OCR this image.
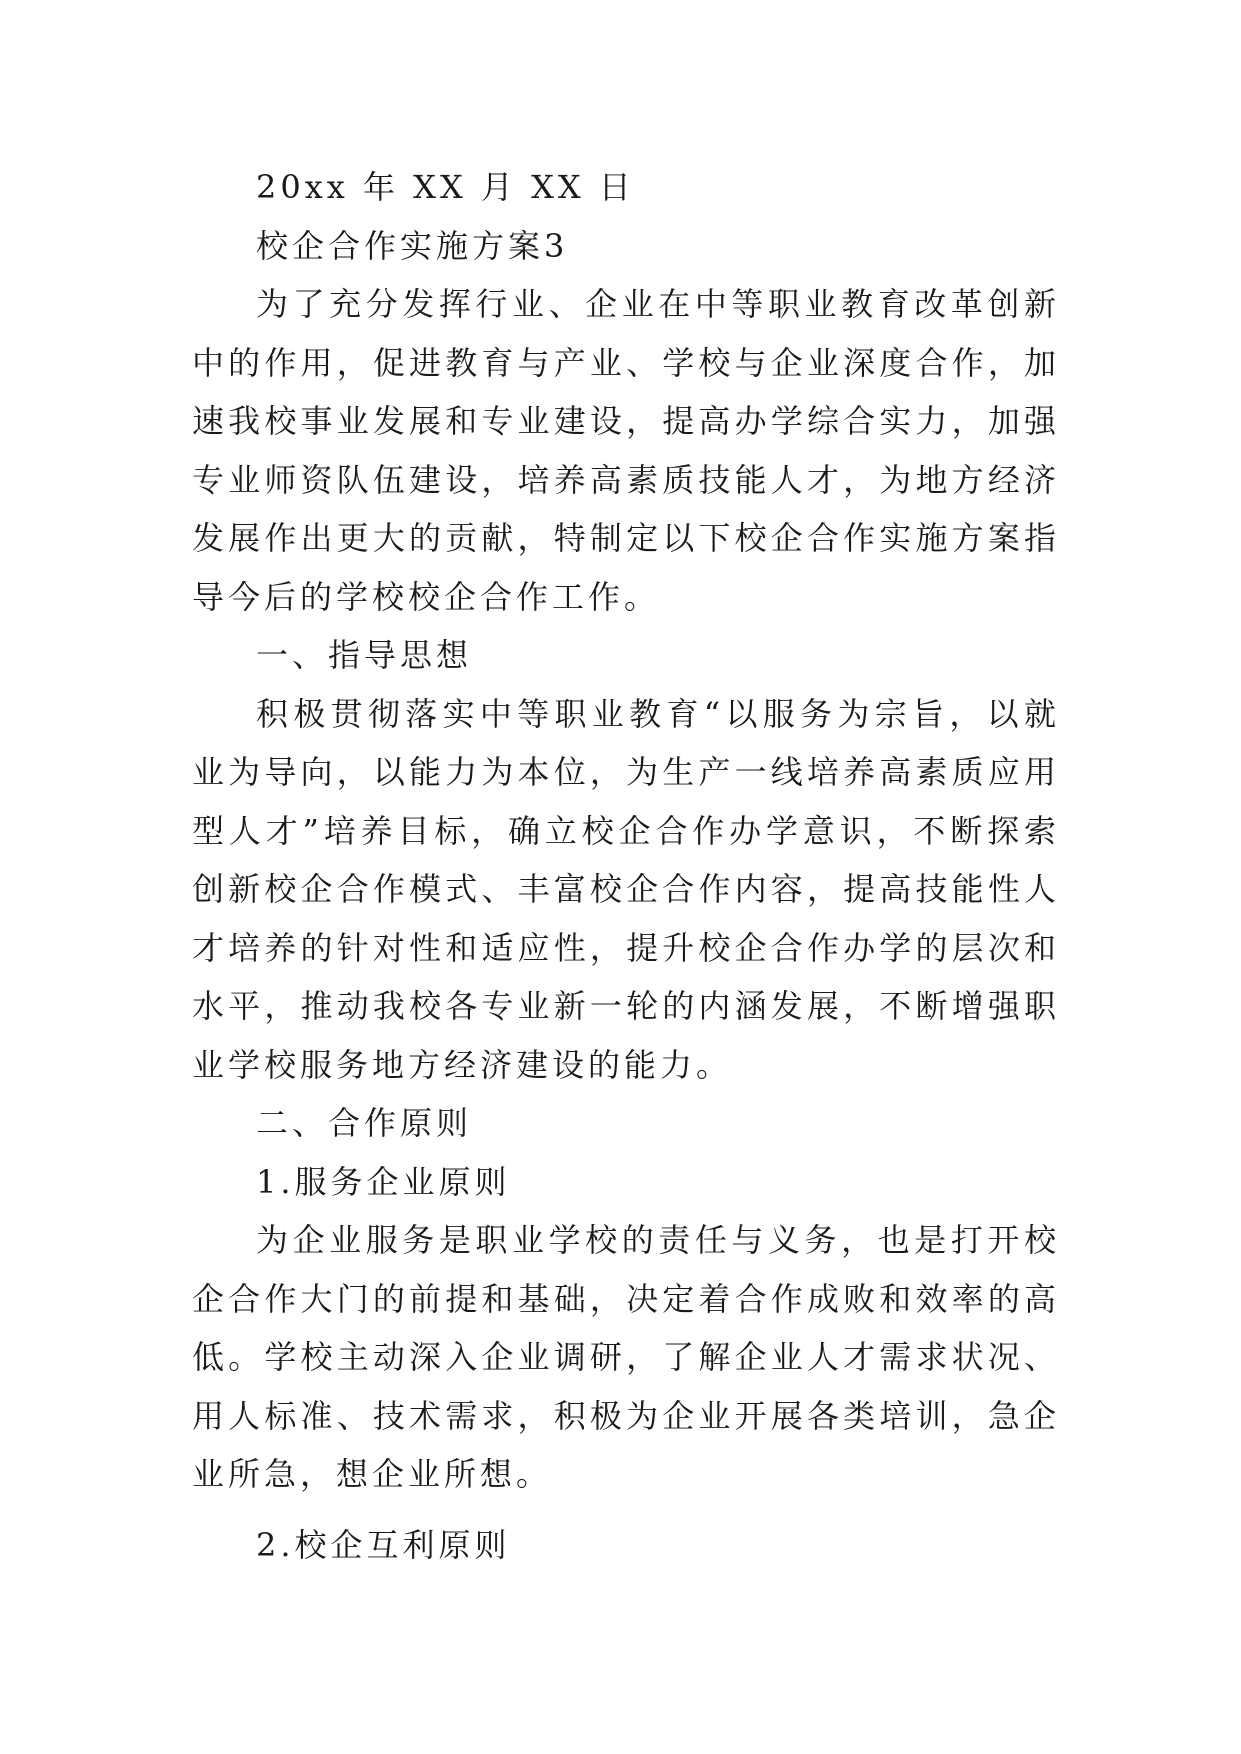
20xx 年 XX 月 XX 日

校企合作实施方案3

为了充分发挥行业、企业在中等职业教育改革创新中的作用，促进教育与产业、学校与企业深度合作，加速我校事业发展和专业建设，提高办学综合实力，加强专业师资队伍建设，培养高素质技能人才，为地方经济发展作出更大的贡献，特制定以下校企合作实施方案指导今后的学校校企合作工作。

一、指导思想

积极贯彻落实中等职业教育“以服务为宗旨，以就业为导向，以能力为本位，为生产一线培养高素质应用型人才”培养目标，确立校企合作办学意识，不断探索创新校企合作模式、丰富校企合作内容，提高技能性人才培养的针对性和适应性，提升校企合作办学的层次和水平，推动我校各专业新一轮的内涵发展，不断增强职业学校服务地方经济建设的能力。

二、合作原则

1.服务企业原则

为企业服务是职业学校的责任与义务，也是打开校企合作大门的前提和基础，决定着合作成败和效率的高低。学校主动深入企业调研，了解企业人才需求状况、用人标准、技术需求，积极为企业开展各类培训，急企业所急，想企业所想。

2.校企互利原则
